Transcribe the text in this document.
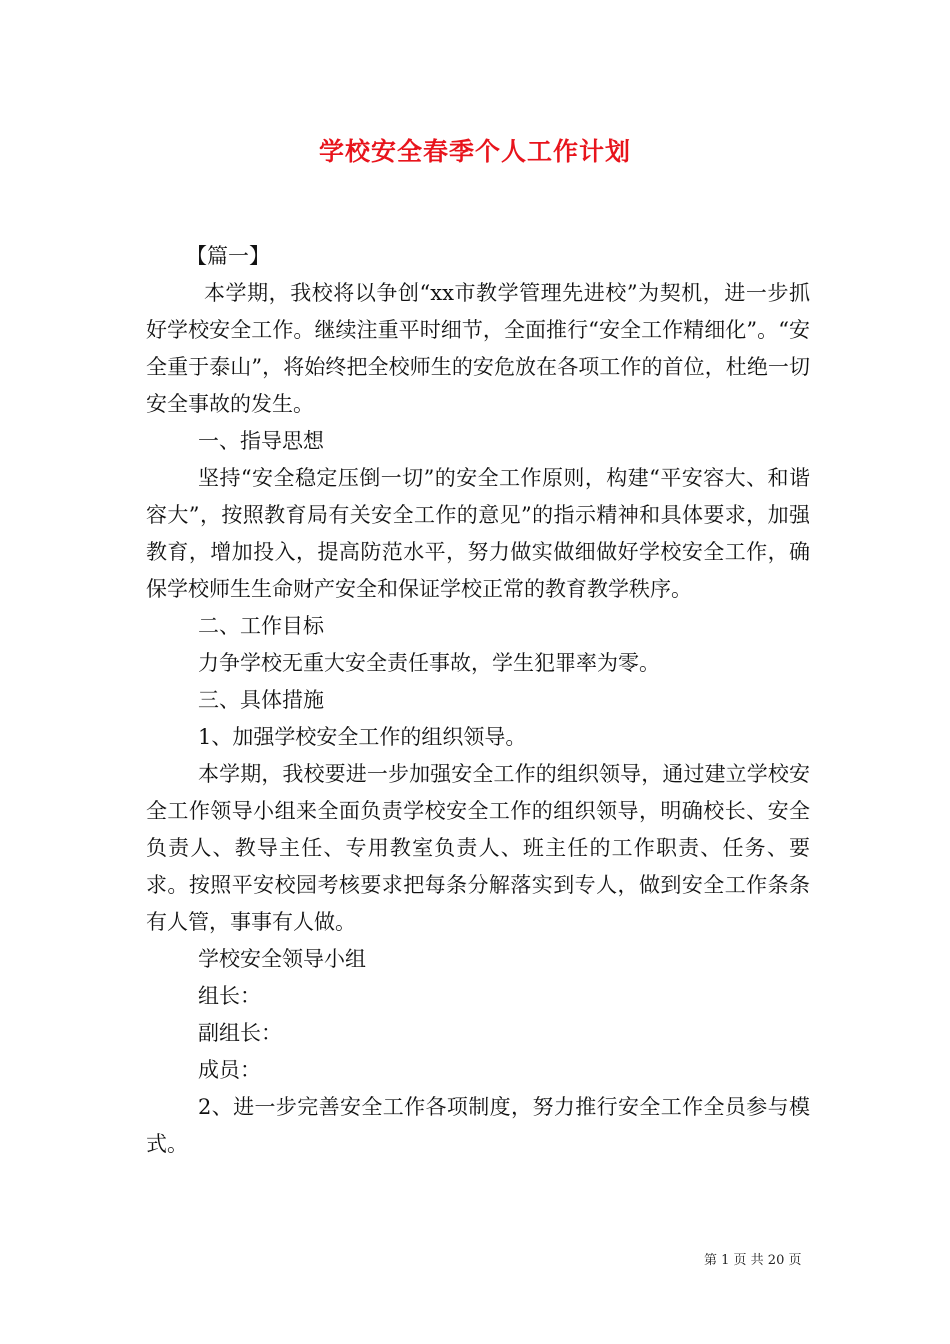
学校安全春季个人工作计划

【篇一】

本学期，我校将以争创“xx市教学管理先进校”为契机，进一步抓好学校安全工作。继续注重平时细节，全面推行“安全工作精细化”。“安全重于泰山”，将始终把全校师生的安危放在各项工作的首位，杜绝一切安全事故的发生。

一、指导思想

坚持“安全稳定压倒一切”的安全工作原则，构建“平安容大、和谐容大”，按照教育局有关安全工作的意见”的指示精神和具体要求，加强教育，增加投入，提高防范水平，努力做实做细做好学校安全工作，确保学校师生生命财产安全和保证学校正常的教育教学秩序。

二、工作目标

力争学校无重大安全责任事故，学生犯罪率为零。

三、具体措施

1、加强学校安全工作的组织领导。

本学期，我校要进一步加强安全工作的组织领导，通过建立学校安全工作领导小组来全面负责学校安全工作的组织领导，明确校长、安全负责人、教导主任、专用教室负责人、班主任的工作职责、任务、要求。按照平安校园考核要求把每条分解落实到专人，做到安全工作条条有人管，事事有人做。

学校安全领导小组

组长：

副组长：

成员：

2、进一步完善安全工作各项制度，努力推行安全工作全员参与模式。

第 1 页 共 20 页
